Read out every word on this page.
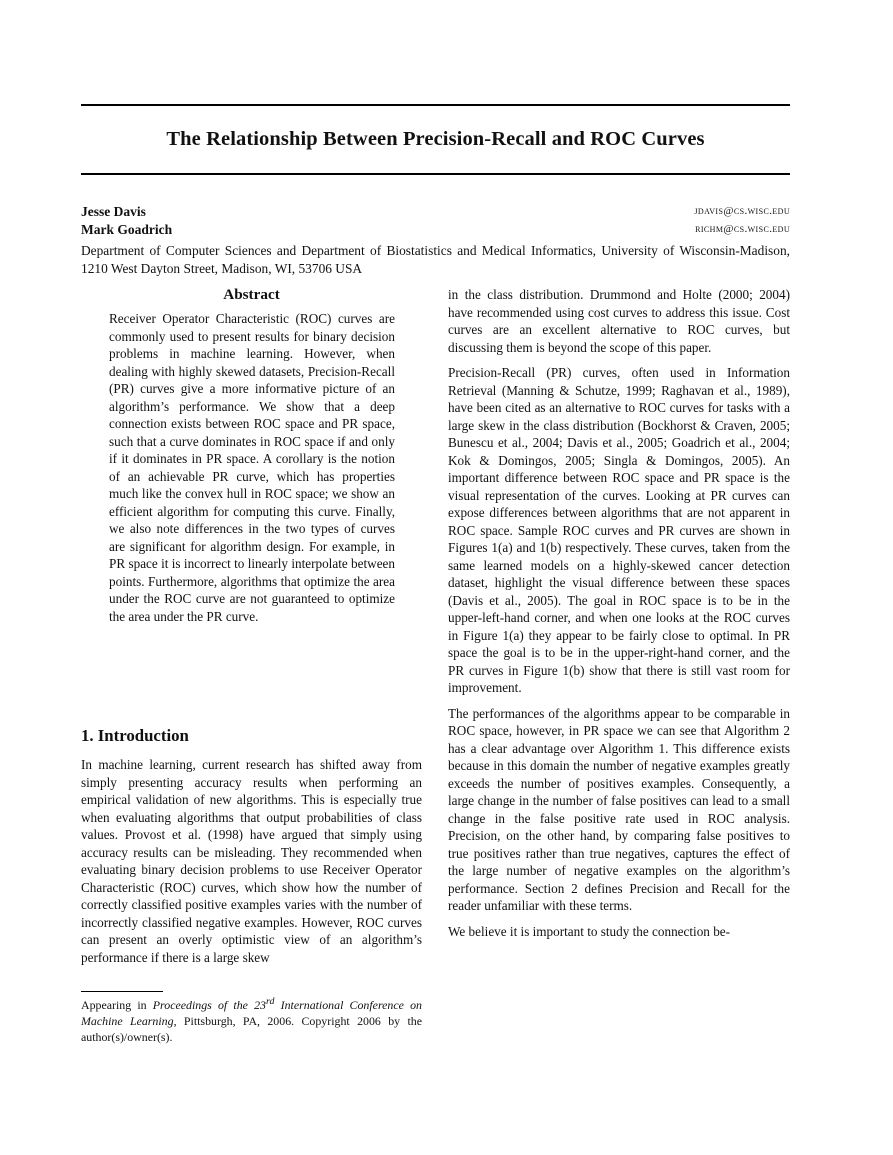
The Relationship Between Precision-Recall and ROC Curves
Jesse Davis	jdavis@cs.wisc.edu
Mark Goadrich	richm@cs.wisc.edu
Department of Computer Sciences and Department of Biostatistics and Medical Informatics, University of Wisconsin-Madison, 1210 West Dayton Street, Madison, WI, 53706 USA
Abstract

Receiver Operator Characteristic (ROC) curves are commonly used to present results for binary decision problems in machine learning. However, when dealing with highly skewed datasets, Precision-Recall (PR) curves give a more informative picture of an algorithm’s performance. We show that a deep connection exists between ROC space and PR space, such that a curve dominates in ROC space if and only if it dominates in PR space. A corollary is the notion of an achievable PR curve, which has properties much like the convex hull in ROC space; we show an efficient algorithm for computing this curve. Finally, we also note differences in the two types of curves are significant for algorithm design. For example, in PR space it is incorrect to linearly interpolate between points. Furthermore, algorithms that optimize the area under the ROC curve are not guaranteed to optimize the area under the PR curve.

1. Introduction

In machine learning, current research has shifted away from simply presenting accuracy results when performing an empirical validation of new algorithms. This is especially true when evaluating algorithms that output probabilities of class values. Provost et al. (1998) have argued that simply using accuracy results can be misleading. They recommended when evaluating binary decision problems to use Receiver Operator Characteristic (ROC) curves, which show how the number of correctly classified positive examples varies with the number of incorrectly classified negative examples. However, ROC curves can present an overly optimistic view of an algorithm’s performance if there is a large skew

Appearing in Proceedings of the 23rd International Conference on Machine Learning, Pittsburgh, PA, 2006. Copyright 2006 by the author(s)/owner(s).

in the class distribution. Drummond and Holte (2000; 2004) have recommended using cost curves to address this issue. Cost curves are an excellent alternative to ROC curves, but discussing them is beyond the scope of this paper.

Precision-Recall (PR) curves, often used in Information Retrieval (Manning & Schutze, 1999; Raghavan et al., 1989), have been cited as an alternative to ROC curves for tasks with a large skew in the class distribution (Bockhorst & Craven, 2005; Bunescu et al., 2004; Davis et al., 2005; Goadrich et al., 2004; Kok & Domingos, 2005; Singla & Domingos, 2005). An important difference between ROC space and PR space is the visual representation of the curves. Looking at PR curves can expose differences between algorithms that are not apparent in ROC space. Sample ROC curves and PR curves are shown in Figures 1(a) and 1(b) respectively. These curves, taken from the same learned models on a highly-skewed cancer detection dataset, highlight the visual difference between these spaces (Davis et al., 2005). The goal in ROC space is to be in the upper-left-hand corner, and when one looks at the ROC curves in Figure 1(a) they appear to be fairly close to optimal. In PR space the goal is to be in the upper-right-hand corner, and the PR curves in Figure 1(b) show that there is still vast room for improvement.

The performances of the algorithms appear to be comparable in ROC space, however, in PR space we can see that Algorithm 2 has a clear advantage over Algorithm 1. This difference exists because in this domain the number of negative examples greatly exceeds the number of positives examples. Consequently, a large change in the number of false positives can lead to a small change in the false positive rate used in ROC analysis. Precision, on the other hand, by comparing false positives to true positives rather than true negatives, captures the effect of the large number of negative examples on the algorithm’s performance. Section 2 defines Precision and Recall for the reader unfamiliar with these terms.

We believe it is important to study the connection be-
